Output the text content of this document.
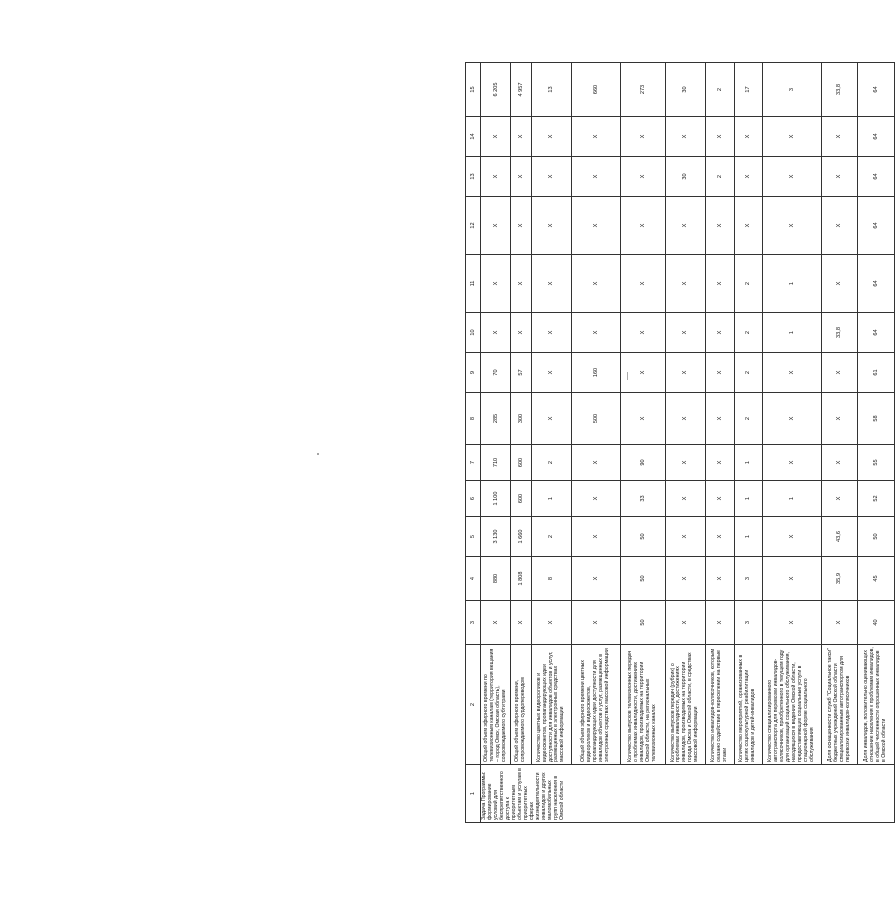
1	2	3	4	5	6	7	8	9	10	11	12	13	14	15
Задача Программы: формирование условий для беспрепятственного доступа к приоритетным объектам и услугам в приоритетных сферах жизнедеятельности инвалидов и других маломобильных групп населения в Омской области	Общий объем эфирного времени по телевизионным каналам (территория вещания – город Омск, Омская область), сопровождаемого субтитрами	X	880	3 130	1 100	710	285	70	X	X	X	X	X	6 205
	Общий объем эфирного времени, сопровождаемого сурдопереводом	X	1 808	1 660	600	600	300	57	X	X	X	X	X	4 957
	Количество цветных видеороликов и видеосюжетов, пропагандирующих идеи доступности для инвалидов объектов и услуг, размещенных в электронных средствах массовой информации	X	8	2	1	2	X	X	X	X	X	X	X	13
	Общий объем эфирного времени цветных видеороликов и видеосюжетов, пропагандирующих идеи доступности для инвалидов объектов и услуг, размещенных в электронных средствах массовой информации	X	X	X	X	X	500	160	X	X	X	X	X	660
	Количество выпусков телевизионных передач о проблемах инвалидности, достижениях инвалидов, производимых на территории Омской области, на региональных телевизионных каналах	50	50	50	33	90	X	X	X	X	X	X	X	273
	Количество выпусков передач (рубрик) о проблемах инвалидности, достижениях инвалидов, производимых на территории города Омска и Омской области, в средствах массовой информации	X	X	X	X	X	X	X	X	X	X	30	X	30
	Количество инвалидов-колясочников, которым оказано содействие в переселении на первые этажи	X	X	X	X	X	X	X	X	X	X	2	X	2
	Количество мероприятий, организованных в целях социокультурной реабилитации инвалидов и детей-инвалидов	3	3	1	1	1	2	2	2	2	X	X	X	17
	Количество специализированного автотранспорта для перевозки инвалидов-колясочников, приобретенного в текущем году для организаций социального обслуживания, находящихся в ведении Омской области, предоставляющих социальные услуги в стационарной форме социального обслуживания	X	X	X	1	X	X	X	1	1	X	X	X	3
	Доля оснащенности служб "Социальное такси" бюджетных учреждений Омской области специализированным автотранспортом для перевозки инвалидов-колясочников	X	35,9	43,6	X	X	X	X	33,8	X	X	X	X	33,8
	Доля инвалидов, положительно оценивающих отношение населения к проблемам инвалидов, в общей численности опрошенных инвалидов в Омской области	40	45	50	52	55	58	61	64	64	64	64	64	64
